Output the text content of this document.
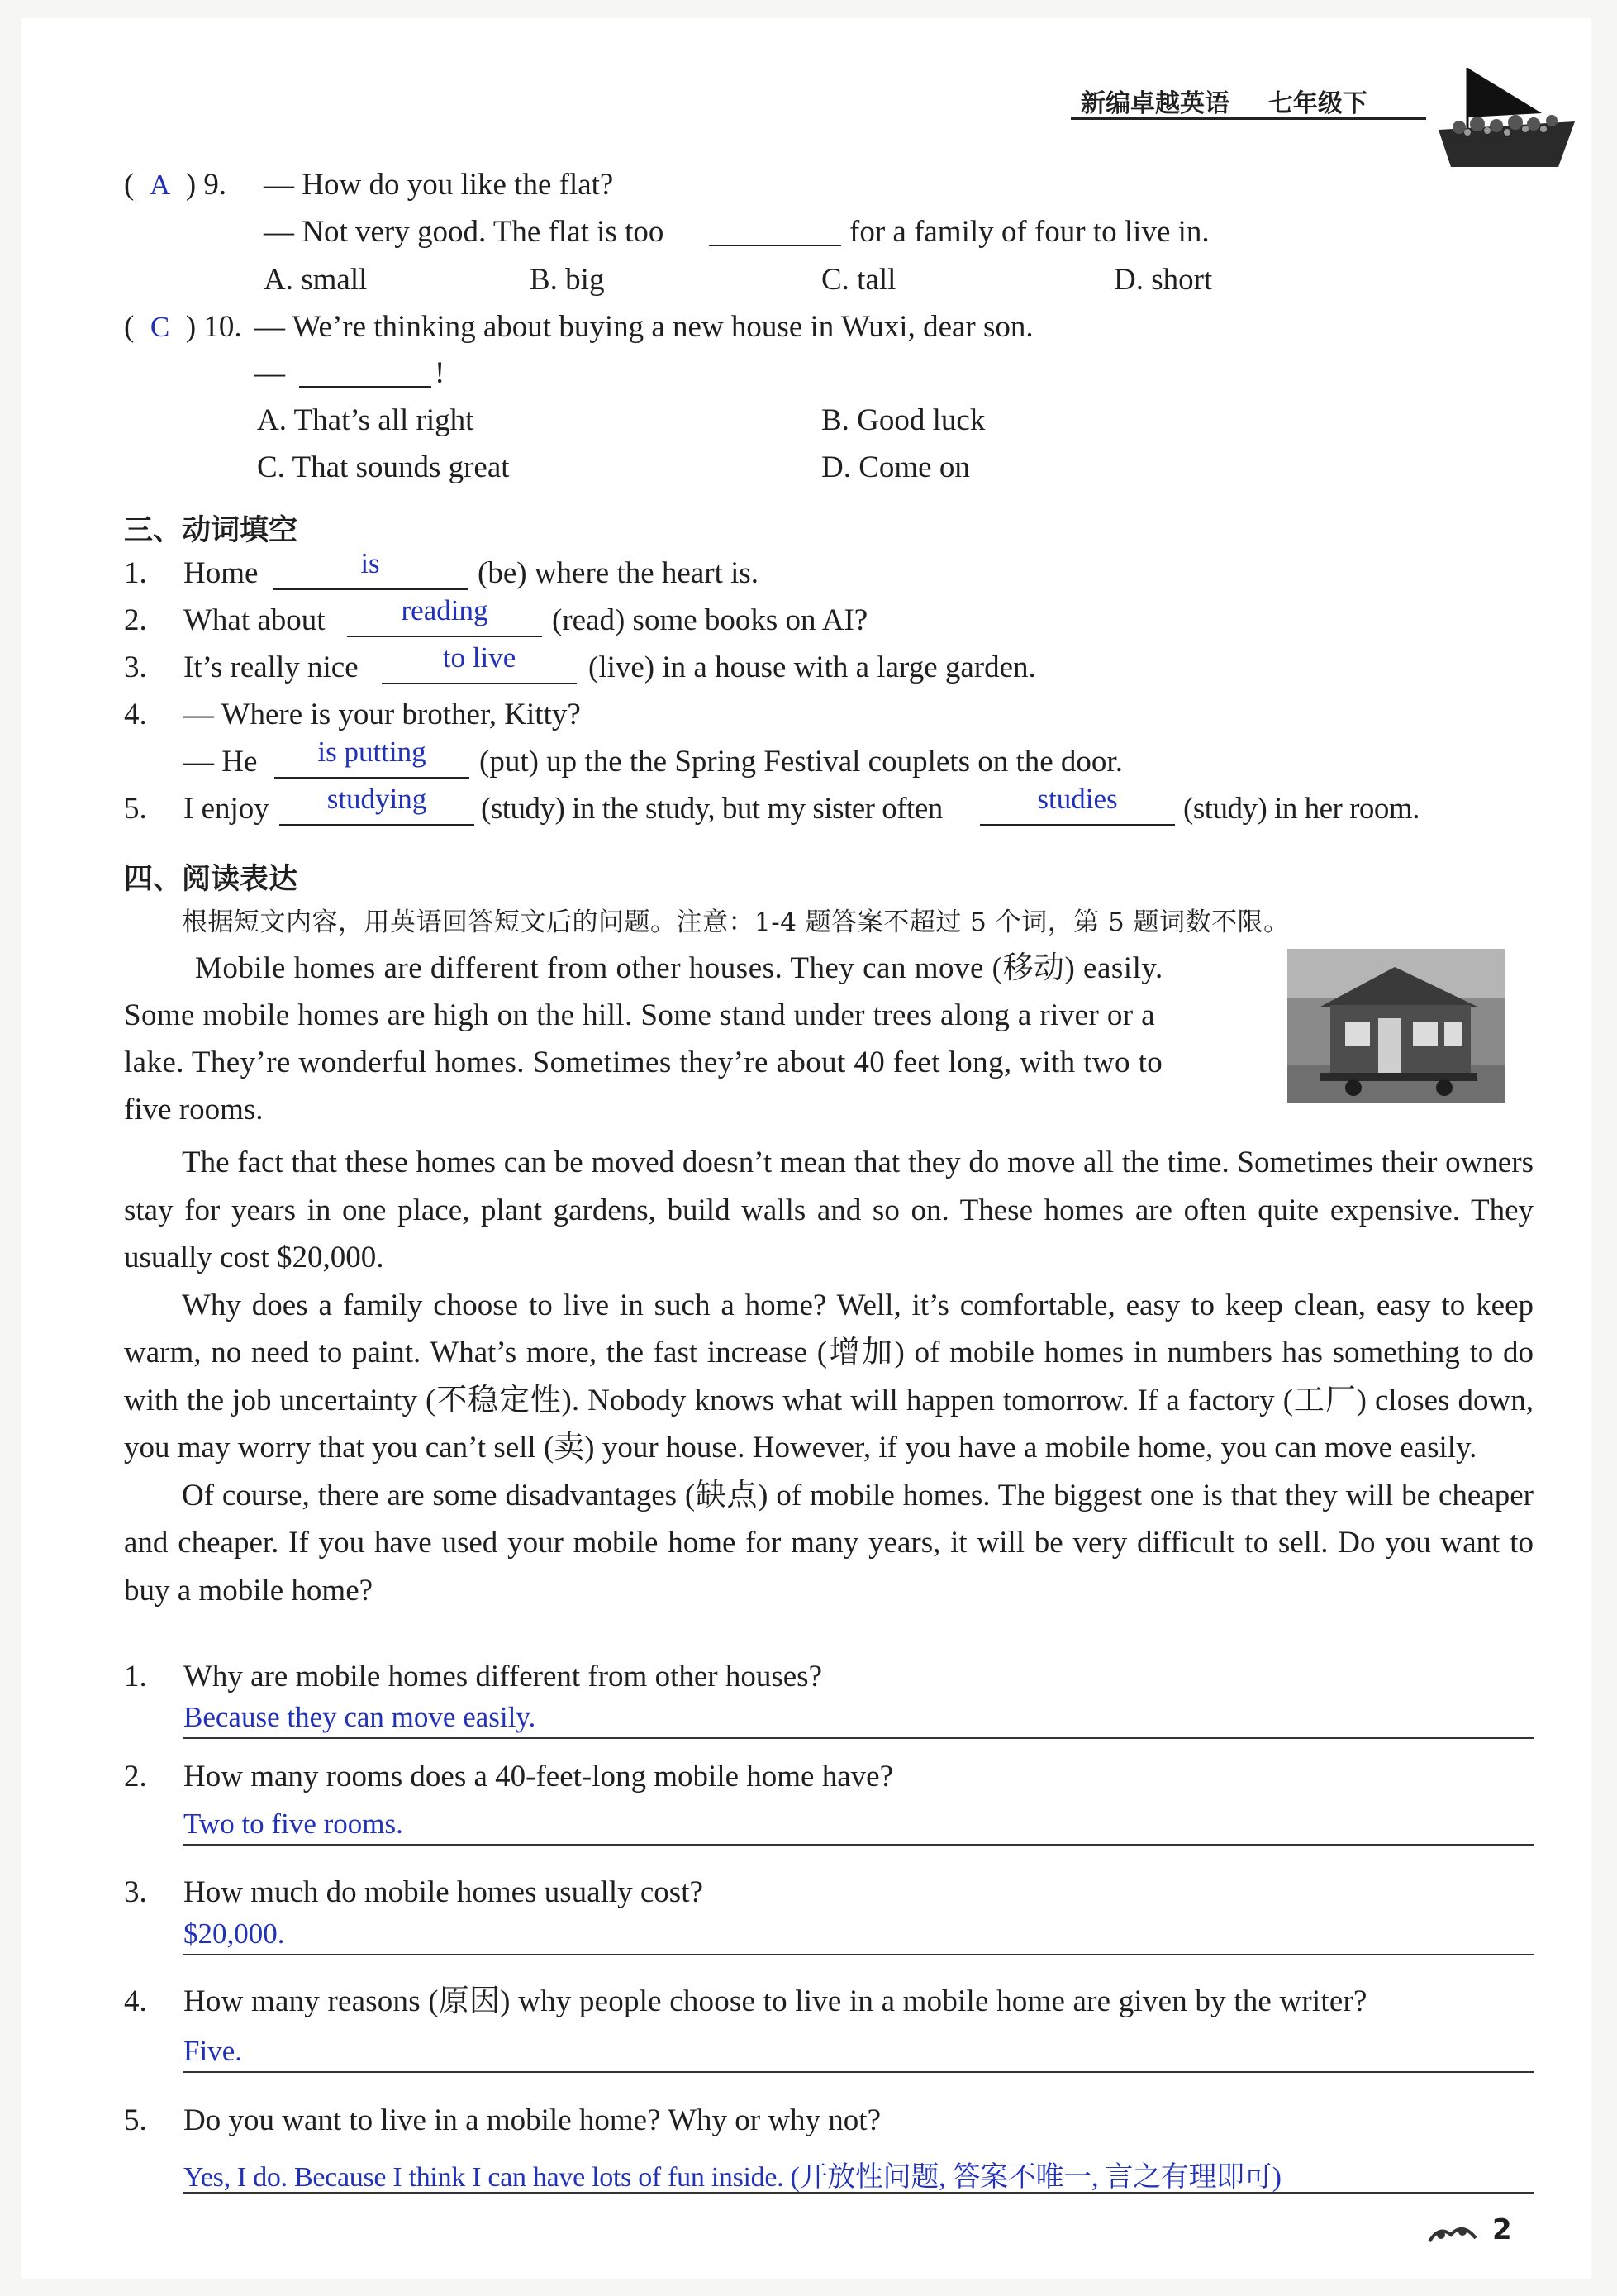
新编卓越英语 七年级下
( A ) 9. — How do you like the flat?
— Not very good. The flat is too	for a family of four to live in.
A. small	B. big	C. tall	D. short
( C ) 10. — We’re thinking about buying a new house in Wuxi, dear son.
—	!
A. That’s all right	B. Good luck
C. That sounds great	D. Come on
三、动词填空
1. Home	is	(be) where the heart is.
2. What about	reading	(read) some books on AI?
3. It’s really nice	to live	(live) in a house with a large garden.
4. — Where is your brother, Kitty?
— He	is putting	(put) up the the Spring Festival couplets on the door.
5. I enjoy	studying	(study) in the study, but my sister often	studies	(study) in her room.
四、阅读表达
根据短文内容，用英语回答短文后的问题。注意：1-4 题答案不超过 5 个词，第 5 题词数不限。
Mobile homes are different from other houses. They can move (移动) easily.
Some mobile homes are high on the hill. Some stand under trees along a river or a
lake. They’re wonderful homes. Sometimes they’re about 40 feet long, with two to
five rooms.

The fact that these homes can be moved doesn’t mean that they do move all the time. Sometimes their owners stay for years in one place, plant gardens, build walls and so on. These homes are often quite expensive. They usually cost $20,000.

Why does a family choose to live in such a home? Well, it’s comfortable, easy to keep clean, easy to keep warm, no need to paint. What’s more, the fast increase (增加) of mobile homes in numbers has something to do with the job uncertainty (不稳定性). Nobody knows what will happen tomorrow. If a factory (工厂) closes down, you may worry that you can’t sell (卖) your house. However, if you have a mobile home, you can move easily.

Of course, there are some disadvantages (缺点) of mobile homes. The biggest one is that they will be cheaper and cheaper. If you have used your mobile home for many years, it will be very difficult to sell. Do you want to buy a mobile home?

1. Why are mobile homes different from other houses?
Because they can move easily.
2. How many rooms does a 40-feet-long mobile home have?
Two to five rooms.
3. How much do mobile homes usually cost?
$20,000.
4. How many reasons (原因) why people choose to live in a mobile home are given by the writer?
Five.
5. Do you want to live in a mobile home? Why or why not?
Yes, I do. Because I think I can have lots of fun inside. (开放性问题, 答案不唯一, 言之有理即可)
2
